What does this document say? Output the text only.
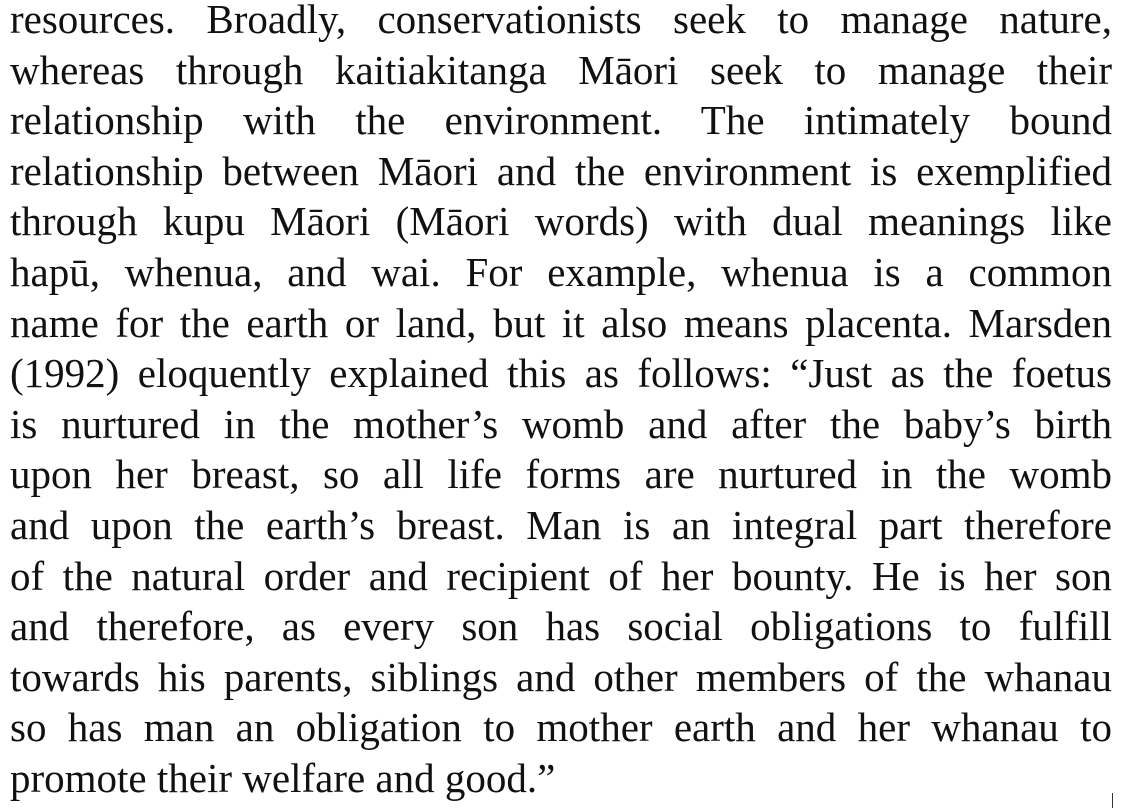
resources. Broadly, conservationists seek to manage nature,
whereas through kaitiakitanga Māori seek to manage their
relationship with the environment. The intimately bound
relationship between Māori and the environment is exemplified
through kupu Māori (Māori words) with dual meanings like
hapū, whenua, and wai. For example, whenua is a common
name for the earth or land, but it also means placenta. Marsden
(1992) eloquently explained this as follows: “Just as the foetus
is nurtured in the mother’s womb and after the baby’s birth
upon her breast, so all life forms are nurtured in the womb
and upon the earth’s breast. Man is an integral part therefore
of the natural order and recipient of her bounty. He is her son
and therefore, as every son has social obligations to fulfill
towards his parents, siblings and other members of the whanau
so has man an obligation to mother earth and her whanau to
promote their welfare and good.”
